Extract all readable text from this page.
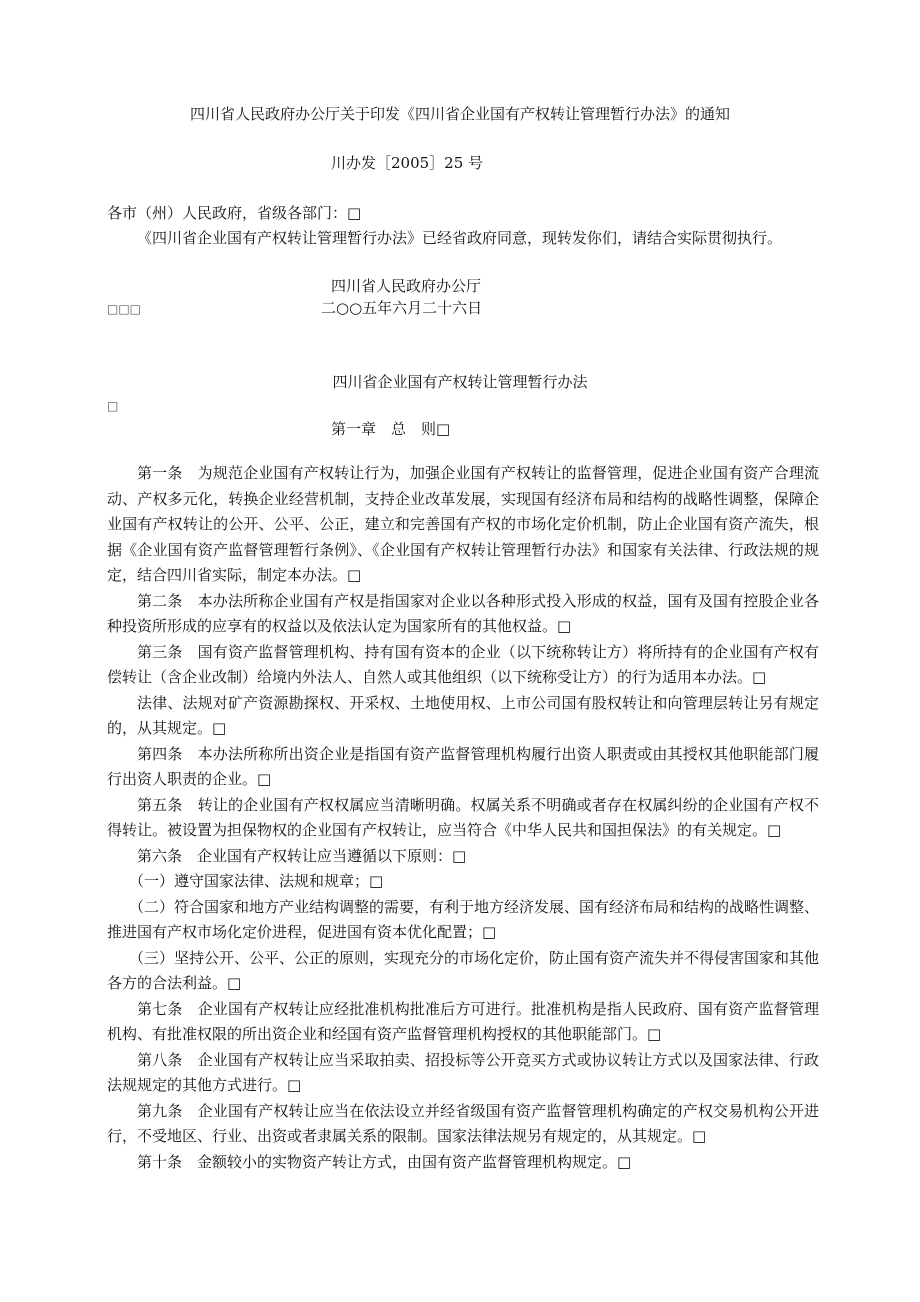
四川省人民政府办公厅关于印发《四川省企业国有产权转让管理暂行办法》的通知
川办发［2005］25 号
各市（州）人民政府，省级各部门：□
《四川省企业国有产权转让管理暂行办法》已经省政府同意，现转发你们，请结合实际贯彻执行。
四川省人民政府办公厅
□□□	二○○五年六月二十六日
四川省企业国有产权转让管理暂行办法
□
第一章　总　则□

第一条　为规范企业国有产权转让行为，加强企业国有产权转让的监督管理，促进企业国有资产合理流动、产权多元化，转换企业经营机制，支持企业改革发展，实现国有经济布局和结构的战略性调整，保障企业国有产权转让的公开、公平、公正，建立和完善国有产权的市场化定价机制，防止企业国有资产流失，根据《企业国有资产监督管理暂行条例》、《企业国有产权转让管理暂行办法》和国家有关法律、行政法规的规定，结合四川省实际，制定本办法。□

第二条　本办法所称企业国有产权是指国家对企业以各种形式投入形成的权益，国有及国有控股企业各种投资所形成的应享有的权益以及依法认定为国家所有的其他权益。□

第三条　国有资产监督管理机构、持有国有资本的企业（以下统称转让方）将所持有的企业国有产权有偿转让（含企业改制）给境内外法人、自然人或其他组织（以下统称受让方）的行为适用本办法。□

法律、法规对矿产资源勘探权、开采权、土地使用权、上市公司国有股权转让和向管理层转让另有规定的，从其规定。□

第四条　本办法所称所出资企业是指国有资产监督管理机构履行出资人职责或由其授权其他职能部门履行出资人职责的企业。□

第五条　转让的企业国有产权权属应当清晰明确。权属关系不明确或者存在权属纠纷的企业国有产权不得转让。被设置为担保物权的企业国有产权转让，应当符合《中华人民共和国担保法》的有关规定。□

第六条　企业国有产权转让应当遵循以下原则：□

（一）遵守国家法律、法规和规章；□

（二）符合国家和地方产业结构调整的需要，有利于地方经济发展、国有经济布局和结构的战略性调整、推进国有产权市场化定价进程，促进国有资本优化配置；□

（三）坚持公开、公平、公正的原则，实现充分的市场化定价，防止国有资产流失并不得侵害国家和其他各方的合法利益。□

第七条　企业国有产权转让应经批准机构批准后方可进行。批准机构是指人民政府、国有资产监督管理机构、有批准权限的所出资企业和经国有资产监督管理机构授权的其他职能部门。□

第八条　企业国有产权转让应当采取拍卖、招投标等公开竞买方式或协议转让方式以及国家法律、行政法规规定的其他方式进行。□

第九条　企业国有产权转让应当在依法设立并经省级国有资产监督管理机构确定的产权交易机构公开进行，不受地区、行业、出资或者隶属关系的限制。国家法律法规另有规定的，从其规定。□

第十条　金额较小的实物资产转让方式，由国有资产监督管理机构规定。□
